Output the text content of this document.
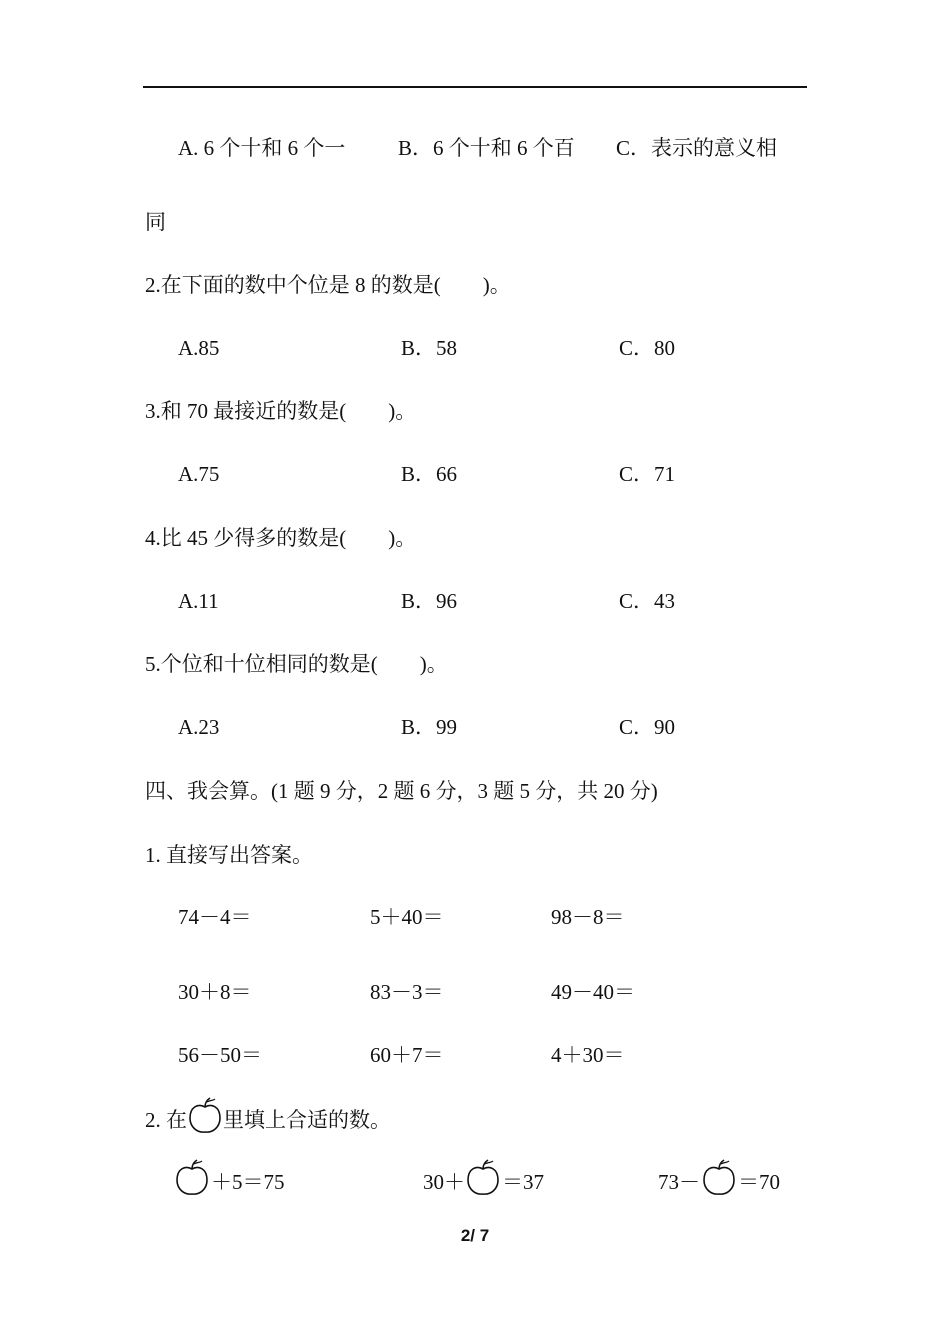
A. 6 个十和 6 个一	B．6 个十和 6 个百 C．表示的意义相
同
2.在下面的数中个位是 8 的数是(　　)。
A.85	B．58	C．80
3.和 70 最接近的数是(　　)。
A.75	B．66	C．71
4.比 45 少得多的数是(　　)。
A.11	B．96	C．43
5.个位和十位相同的数是(　　)。
A.23	B．99	C．90
四、我会算。(1 题 9 分，2 题 6 分，3 题 5 分，共 20 分)
1. 直接写出答案。
74－4＝	5＋40＝	98－8＝
30＋8＝	83－3＝	49－40＝
56－50＝	60＋7＝	4＋30＝
2. 在 里填上合适的数。
＋5＝75	30＋ ＝37	73－ ＝70
2/ 7
